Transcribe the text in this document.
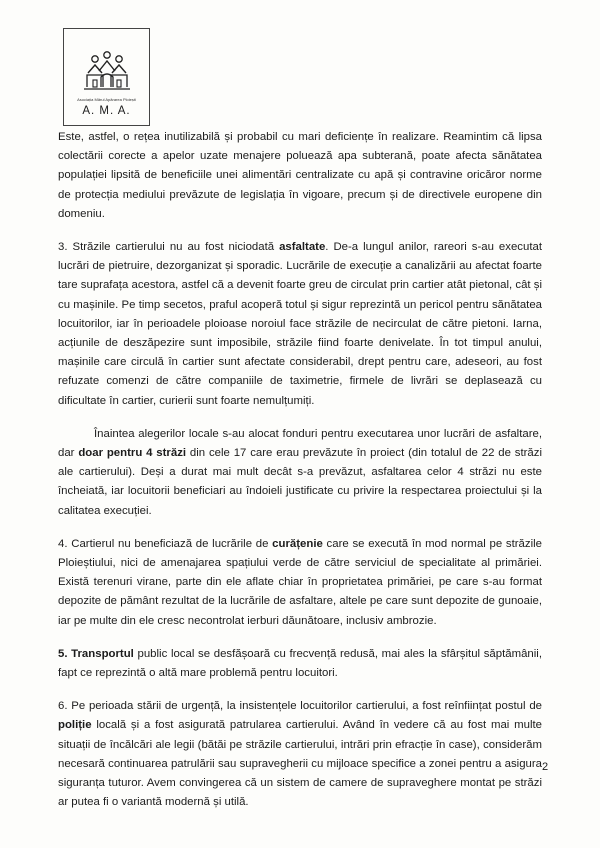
Asociația Mărul Apărarea Ploiești
A. M. A.

Este, astfel, o rețea inutilizabilă și probabil cu mari deficiențe în realizare. Reamintim că lipsa colectării corecte a apelor uzate menajere poluează apa subterană, poate afecta sănătatea populației lipsită de beneficiile unei alimentări centralizate cu apă și contravine oricăror norme de protecția mediului prevăzute de legislația în vigoare, precum și de directivele europene din domeniu.

3. Străzile cartierului nu au fost niciodată asfaltate. De-a lungul anilor, rareori s-au executat lucrări de pietruire, dezorganizat și sporadic. Lucrările de execuție a canalizării au afectat foarte tare suprafața acestora, astfel că a devenit foarte greu de circulat prin cartier atât pietonal, cât și cu mașinile. Pe timp secetos, praful acoperă totul și sigur reprezintă un pericol pentru sănătatea locuitorilor, iar în perioadele ploioase noroiul face străzile de necirculat de către pietoni. Iarna, acțiunile de deszăpezire sunt imposibile, străzile fiind foarte denivelate. În tot timpul anului, mașinile care circulă în cartier sunt afectate considerabil, drept pentru care, adeseori, au fost refuzate comenzi de către companiile de taximetrie, firmele de livrări se deplasează cu dificultate în cartier, curierii sunt foarte nemulțumiți.

Înaintea alegerilor locale s-au alocat fonduri pentru executarea unor lucrări de asfaltare, dar doar pentru 4 străzi din cele 17 care erau prevăzute în proiect (din totalul de 22 de străzi ale cartierului). Deși a durat mai mult decât s-a prevăzut, asfaltarea celor 4 străzi nu este încheiată, iar locuitorii beneficiari au îndoieli justificate cu privire la respectarea proiectului și la calitatea execuției.

4. Cartierul nu beneficiază de lucrările de curățenie care se execută în mod normal pe străzile Ploieștiului, nici de amenajarea spațiului verde de către serviciul de specialitate al primăriei. Există terenuri virane, parte din ele aflate chiar în proprietatea primăriei, pe care s-au format depozite de pământ rezultat de la lucrările de asfaltare, altele pe care sunt depozite de gunoaie, iar pe multe din ele cresc necontrolat ierburi dăunătoare, inclusiv ambrozie.

5. Transportul public local se desfășoară cu frecvență redusă, mai ales la sfârșitul săptămânii, fapt ce reprezintă o altă mare problemă pentru locuitori.

6. Pe perioada stării de urgență, la insistențele locuitorilor cartierului, a fost reînființat postul de poliție locală și a fost asigurată patrularea cartierului. Având în vedere că au fost mai multe situații de încălcări ale legii (bătăi pe străzile cartierului, intrări prin efracție în case), considerăm necesară continuarea patrulării sau supravegherii cu mijloace specifice a zonei pentru a asigura siguranța tuturor. Avem convingerea că un sistem de camere de supraveghere montat pe străzi ar putea fi o variantă modernă și utilă.

2
